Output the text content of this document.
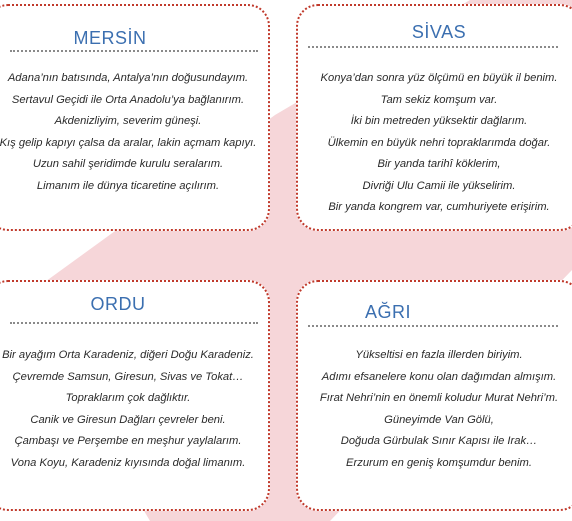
MERSİN
Adana’nın batısında, Antalya’nın doğusundayım.
Sertavul Geçidi ile Orta Anadolu’ya bağlanırım.
Akdenizliyim, severim güneşi.
Kış gelip kapıyı çalsa da aralar, lakin açmam kapıyı.
Uzun sahil şeridimde kurulu seralarım.
Limanım ile dünya ticaretine açılırım.
SİVAS
Konya’dan sonra yüz ölçümü en büyük il benim.
Tam sekiz komşum var.
İki bin metreden yüksektir dağlarım.
Ülkemin en büyük nehri topraklarımda doğar.
Bir yanda tarihî köklerim,
Divriği Ulu Camii ile yükselirim.
Bir yanda kongrem var, cumhuriyete erişirim.
ORDU
Bir ayağım Orta Karadeniz, diğeri Doğu Karadeniz.
Çevremde Samsun, Giresun, Sivas ve Tokat…
Topraklarım çok dağlıktır.
Canik ve Giresun Dağları çevreler beni.
Çambaşı ve Perşembe en meşhur yaylalarım.
Vona Koyu, Karadeniz kıyısında doğal limanım.
AĞRI
Yükseltisi en fazla illerden biriyim.
Adımı efsanelere konu olan dağımdan almışım.
Fırat Nehri’nin en önemli koludur Murat Nehri’m.
Güneyimde Van Gölü,
Doğuda Gürbulak Sınır Kapısı ile Irak…
Erzurum en geniş komşumdur benim.
